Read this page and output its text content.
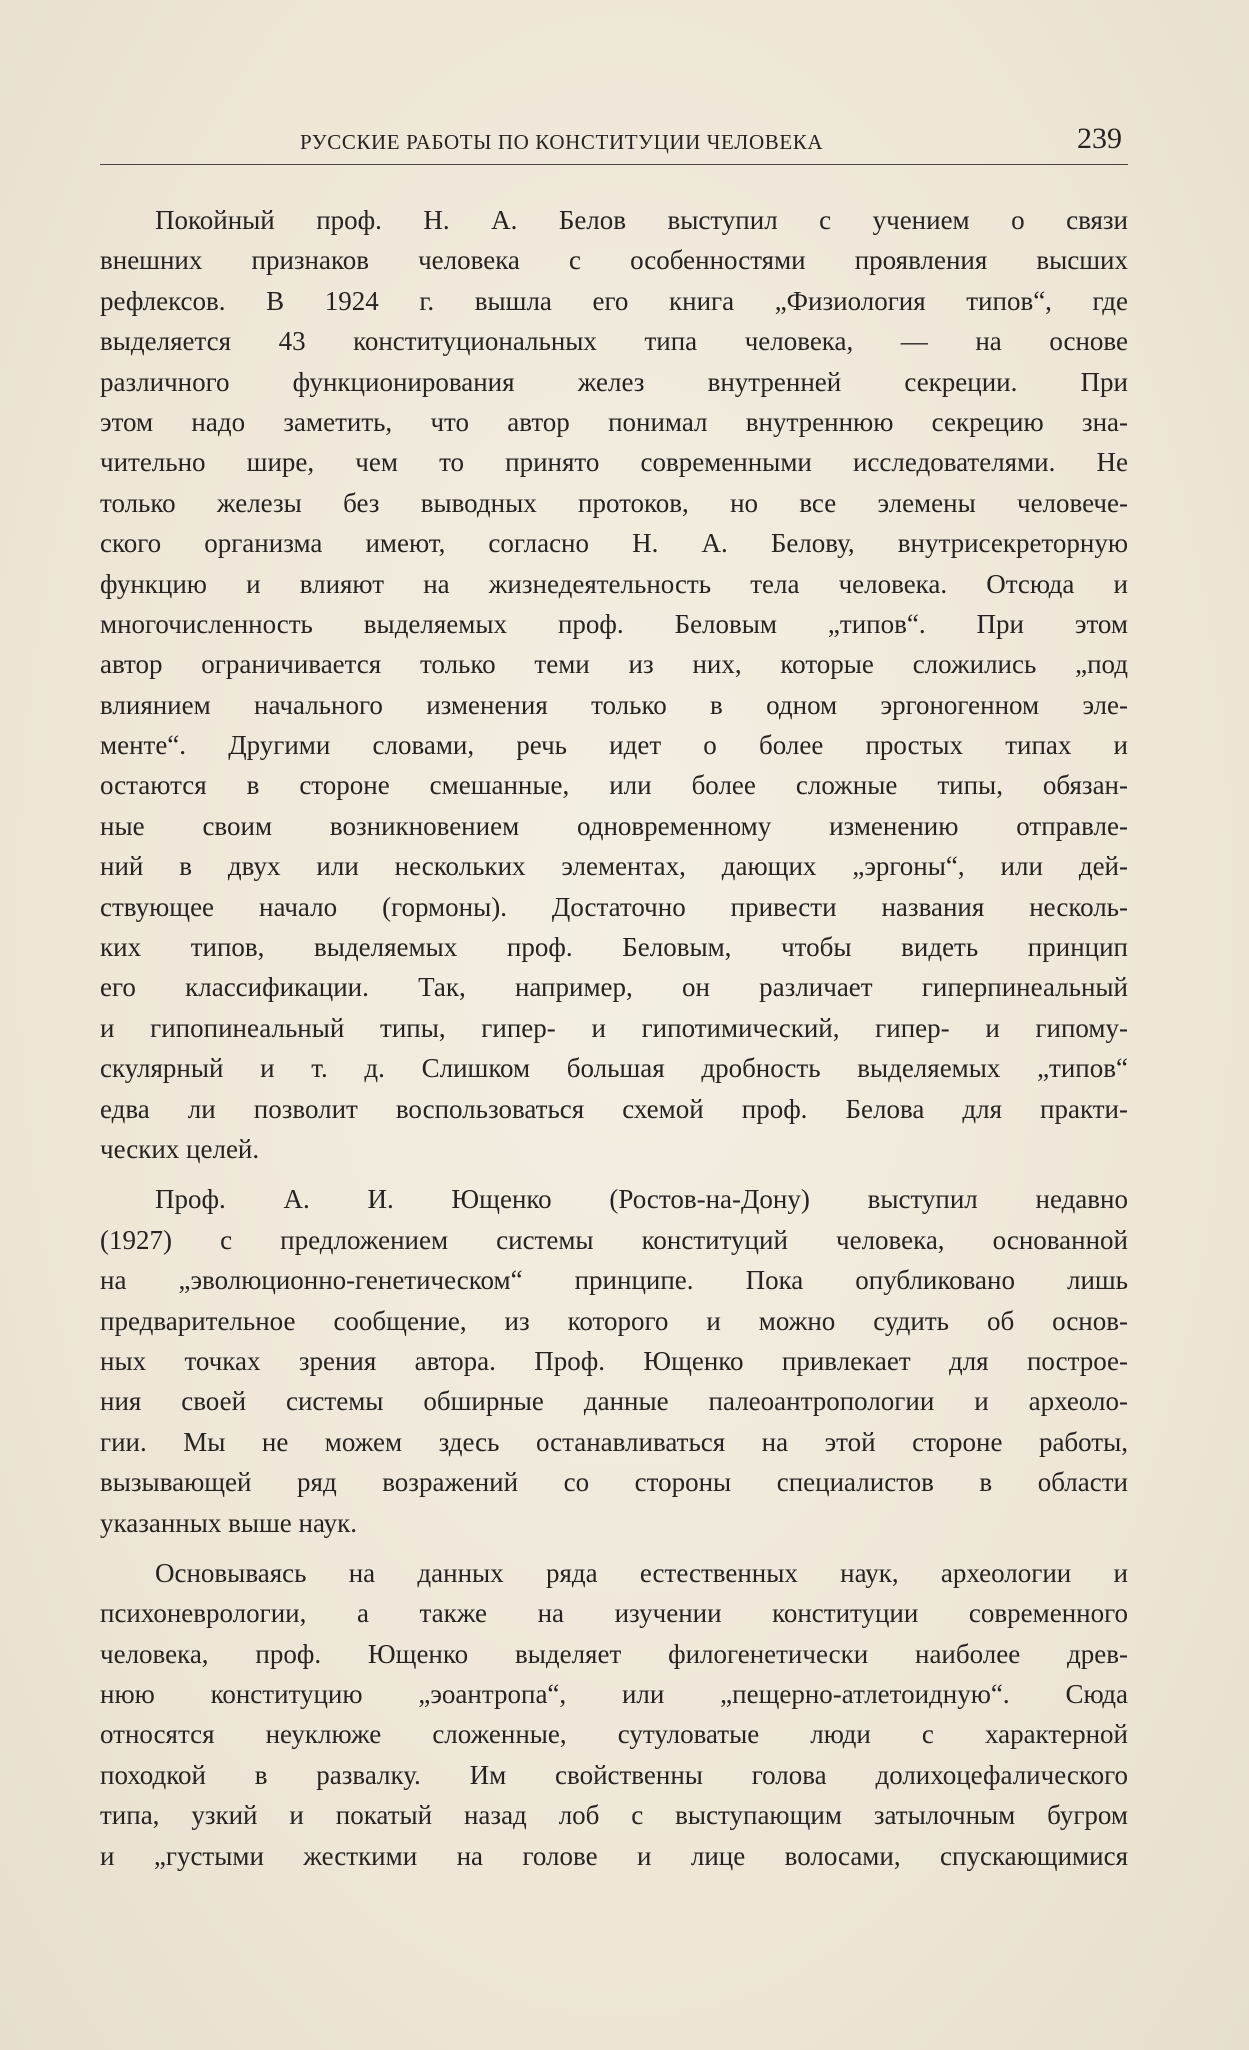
РУССКИЕ РАБОТЫ ПО КОНСТИТУЦИИ ЧЕЛОВЕКА	239
Покойный проф. Н. А. Белов выступил с учением о связи
внешних признаков человека с особенностями проявления высших
рефлексов. В 1924 г. вышла его книга „Физиология типов“, где
выделяется 43 конституциональных типа человека, — на основе
различного функционирования желез внутренней секреции. При
этом надо заметить, что автор понимал внутреннюю секрецию зна-
чительно шире, чем то принято современными исследователями. Не
только железы без выводных протоков, но все элемены человече-
ского организма имеют, согласно Н. А. Белову, внутрисекреторную
функцию и влияют на жизнедеятельность тела человека. Отсюда и
многочисленность выделяемых проф. Беловым „типов“. При этом
автор ограничивается только теми из них, которые сложились „под
влиянием начального изменения только в одном эргоногенном эле-
менте“. Другими словами, речь идет о более простых типах и
остаются в стороне смешанные, или более сложные типы, обязан-
ные своим возникновением одновременному изменению отправле-
ний в двух или нескольких элементах, дающих „эргоны“, или дей-
ствующее начало (гормоны). Достаточно привести названия несколь-
ких типов, выделяемых проф. Беловым, чтобы видеть принцип
его классификации. Так, например, он различает гиперпинеальный
и гипопинеальный типы, гипер- и гипотимический, гипер- и гипому-
скулярный и т. д. Слишком большая дробность выделяемых „типов“
едва ли позволит воспользоваться схемой проф. Белова для практи-
ческих целей.
Проф. А. И. Ющенко (Ростов-на-Дону) выступил недавно
(1927) с предложением системы конституций человека, основанной
на „эволюционно-генетическом“ принципе. Пока опубликовано лишь
предварительное сообщение, из которого и можно судить об основ-
ных точках зрения автора. Проф. Ющенко привлекает для построе-
ния своей системы обширные данные палеоантропологии и археоло-
гии. Мы не можем здесь останавливаться на этой стороне работы,
вызывающей ряд возражений со стороны специалистов в области
указанных выше наук.
Основываясь на данных ряда естественных наук, археологии и
психоневрологии, а также на изучении конституции современного
человека, проф. Ющенко выделяет филогенетически наиболее древ-
нюю конституцию „эоантропа“, или „пещерно-атлетоидную“. Сюда
относятся неуклюже сложенные, сутуловатые люди с характерной
походкой в развалку. Им свойственны голова долихоцефалического
типа, узкий и покатый назад лоб с выступающим затылочным бугром
и „густыми жесткими на голове и лице волосами, спускающимися
